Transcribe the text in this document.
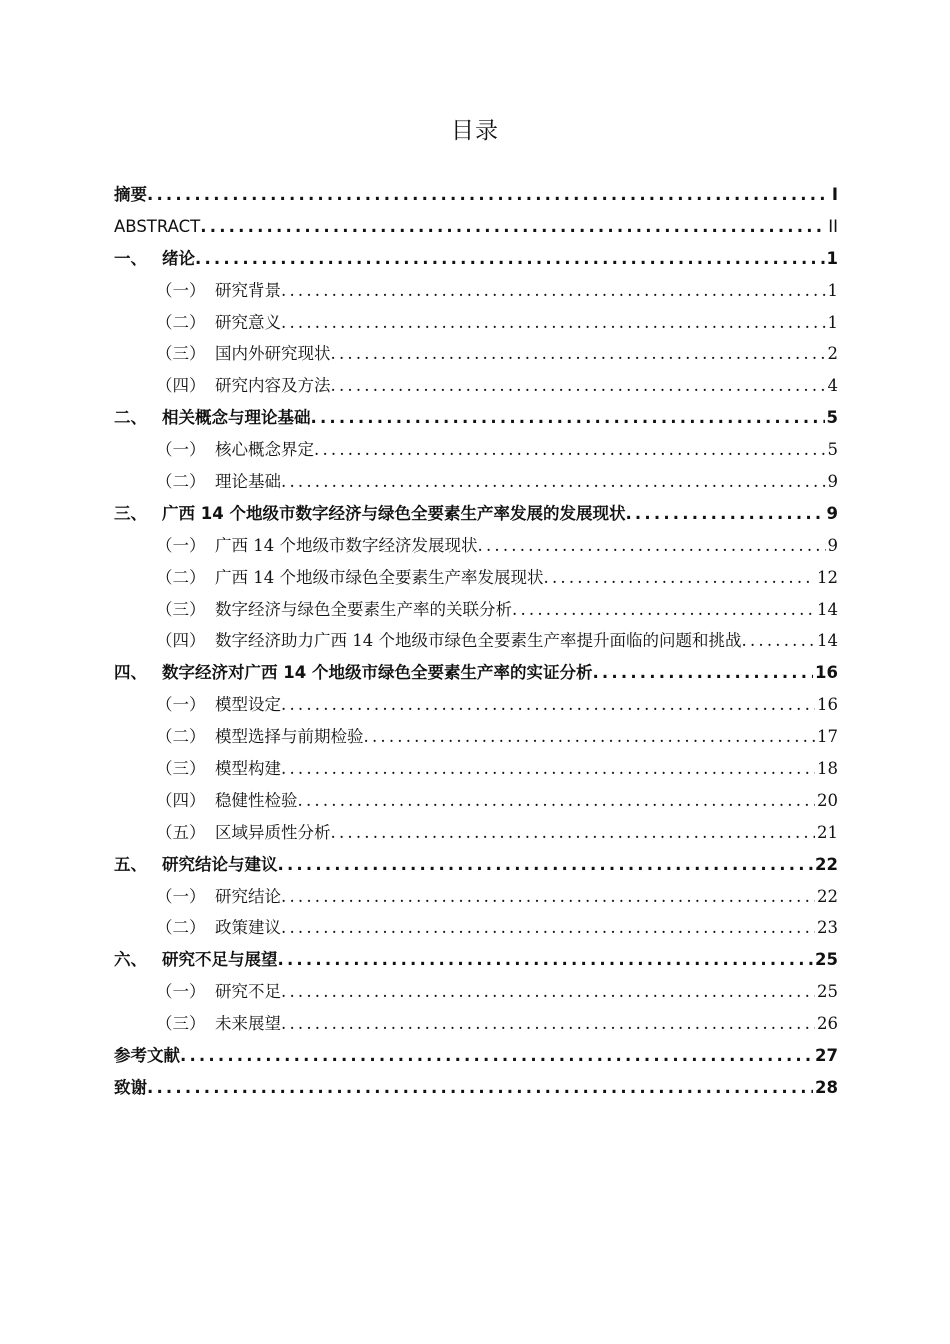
目录
摘要 .....	I
ABSTRACT .....	II
一、 绪论 .....	1
（一） 研究背景 .....	1
（二） 研究意义 .....	1
（三） 国内外研究现状 .....	2
（四） 研究内容及方法 .....	4
二、 相关概念与理论基础 .....	5
（一） 核心概念界定 .....	5
（二） 理论基础 .....	9
三、 广西 14 个地级市数字经济与绿色全要素生产率发展的发展现状 .....	9
（一） 广西 14 个地级市数字经济发展现状 .....	9
（二） 广西 14 个地级市绿色全要素生产率发展现状 .....	12
（三） 数字经济与绿色全要素生产率的关联分析 .....	14
（四） 数字经济助力广西 14 个地级市绿色全要素生产率提升面临的问题和挑战 .....	14
四、 数字经济对广西 14 个地级市绿色全要素生产率的实证分析 .....	16
（一） 模型设定 .....	16
（二） 模型选择与前期检验 .....	17
（三） 模型构建 .....	18
（四） 稳健性检验 .....	20
（五） 区域异质性分析 .....	21
五、 研究结论与建议 .....	22
（一） 研究结论 .....	22
（二） 政策建议 .....	23
六、 研究不足与展望 .....	25
（一） 研究不足 .....	25
（三） 未来展望 .....	26
参考文献 .....	27
致谢 .....	28
